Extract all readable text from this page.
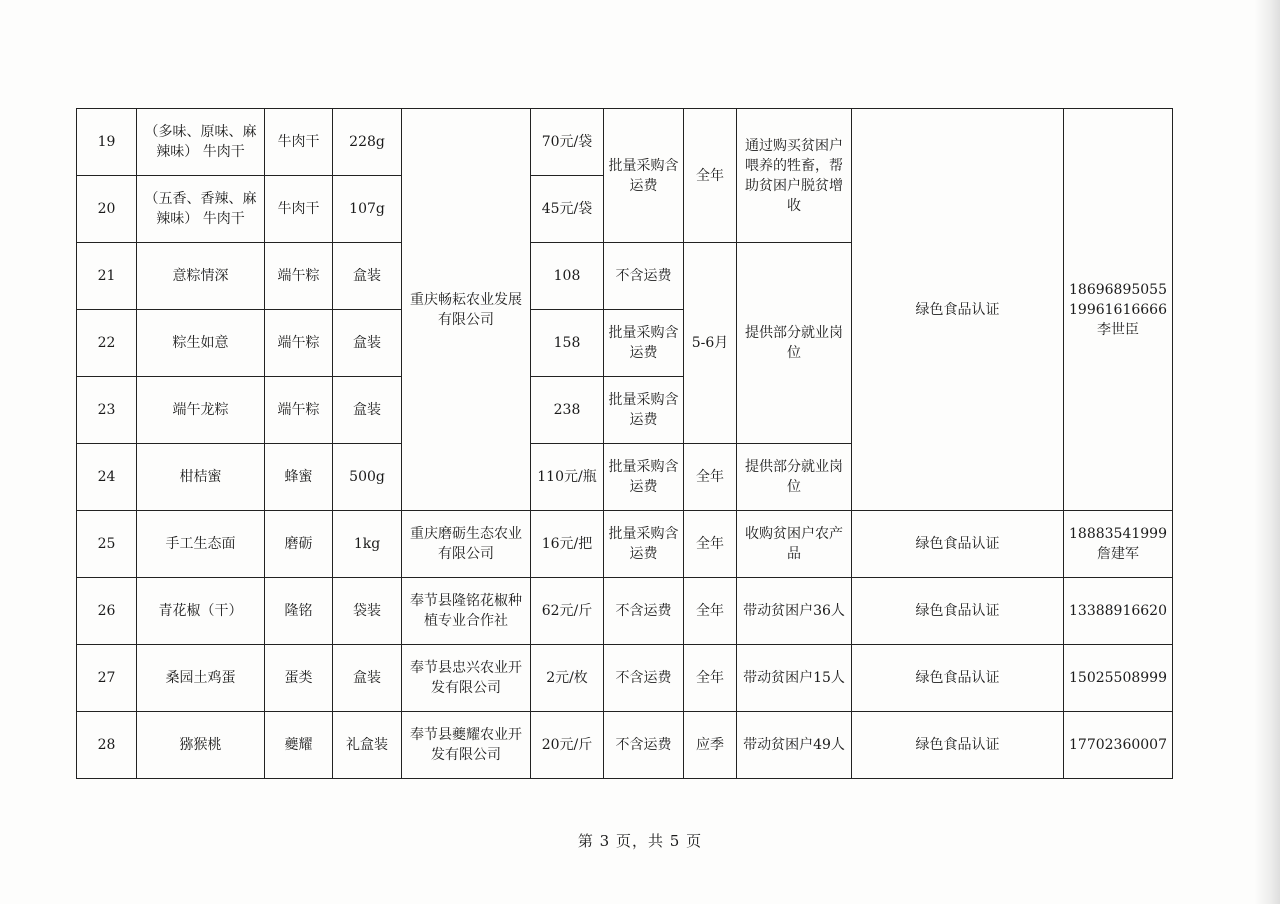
19	（多味、原味、麻辣味） 牛肉干	牛肉干	228g	重庆畅耘农业发展有限公司	70元/袋	批量采购含运费	全年	通过购买贫困户喂养的牲畜，帮助贫困户脱贫增收	绿色食品认证	18696895055 19961616666 李世臣
20	（五香、香辣、麻辣味） 牛肉干	牛肉干	107g		45元/袋					
21	意粽情深	端午粽	盒装		108	不含运费	5-6月	提供部分就业岗位		
22	粽生如意	端午粽	盒装		158	批量采购含运费				
23	端午龙粽	端午粽	盒装		238	批量采购含运费				
24	柑桔蜜	蜂蜜	500g		110元/瓶	批量采购含运费	全年	提供部分就业岗位		
25	手工生态面	磨砺	1kg	重庆磨砺生态农业有限公司	16元/把	批量采购含运费	全年	收购贫困户农产品	绿色食品认证	18883541999 詹建军
26	青花椒（干）	隆铭	袋装	奉节县隆铭花椒种植专业合作社	62元/斤	不含运费	全年	带动贫困户36人	绿色食品认证	13388916620
27	桑园土鸡蛋	蛋类	盒装	奉节县忠兴农业开发有限公司	2元/枚	不含运费	全年	带动贫困户15人	绿色食品认证	15025508999
28	猕猴桃	夔耀	礼盒装	奉节县夔耀农业开发有限公司	20元/斤	不含运费	应季	带动贫困户49人	绿色食品认证	17702360007
第 3 页，共 5 页
